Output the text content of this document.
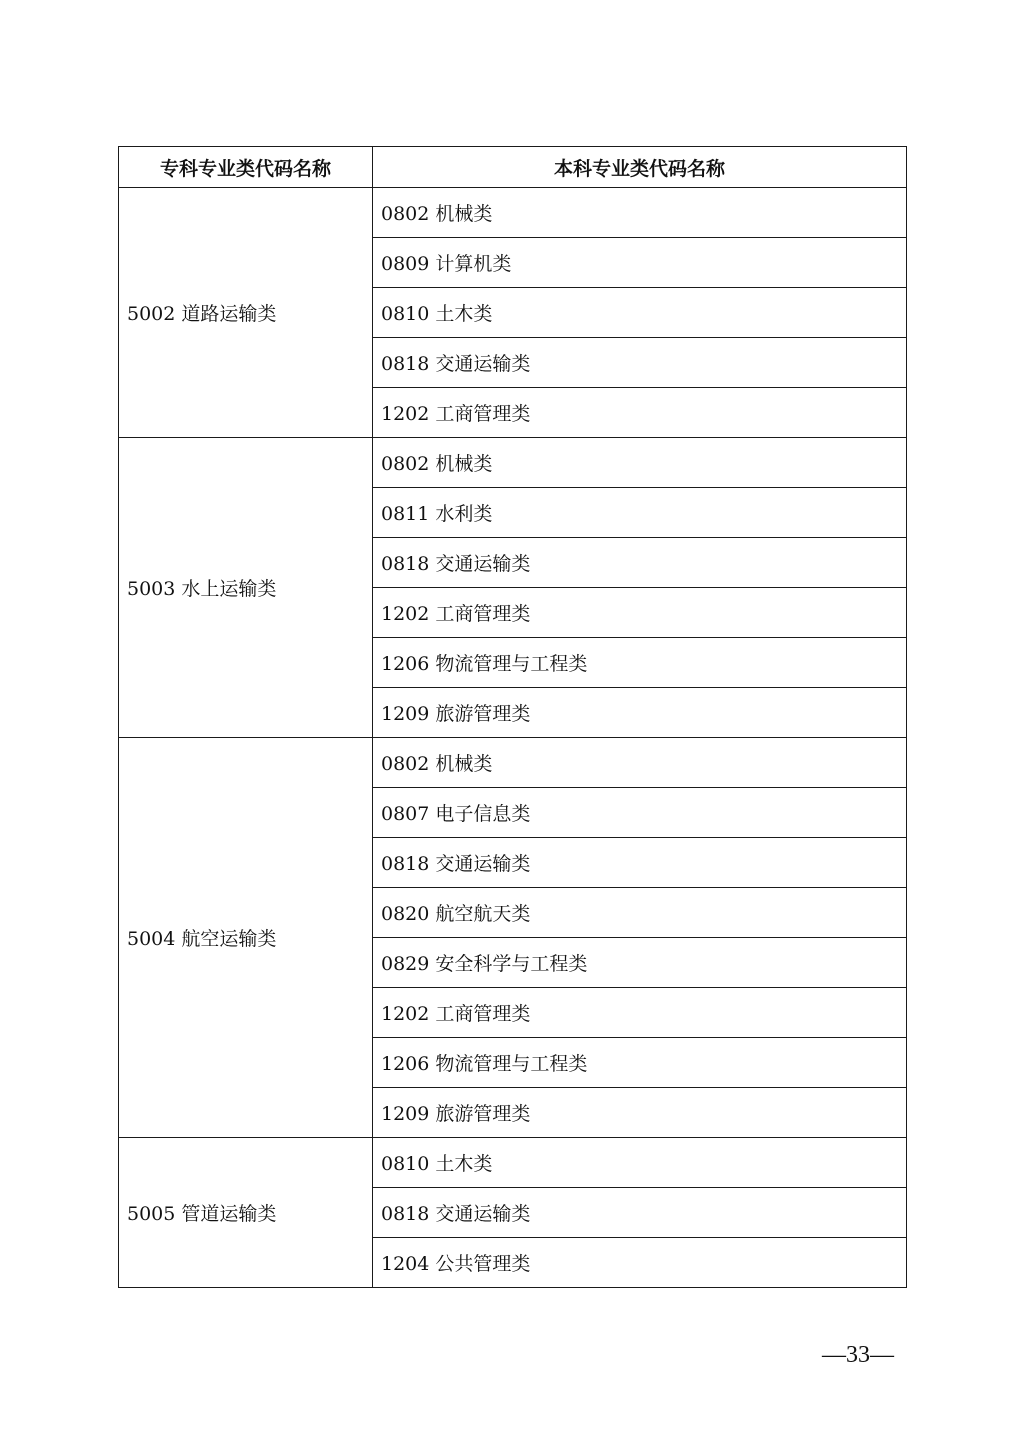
专科专业类代码名称	本科专业类代码名称
5002 道路运输类	0802 机械类
	0809 计算机类
	0810 土木类
	0818 交通运输类
	1202 工商管理类
5003 水上运输类	0802 机械类
	0811 水利类
	0818 交通运输类
	1202 工商管理类
	1206 物流管理与工程类
	1209 旅游管理类
5004 航空运输类	0802 机械类
	0807 电子信息类
	0818 交通运输类
	0820 航空航天类
	0829 安全科学与工程类
	1202 工商管理类
	1206 物流管理与工程类
	1209 旅游管理类
5005 管道运输类	0810 土木类
	0818 交通运输类
	1204 公共管理类
—33—
